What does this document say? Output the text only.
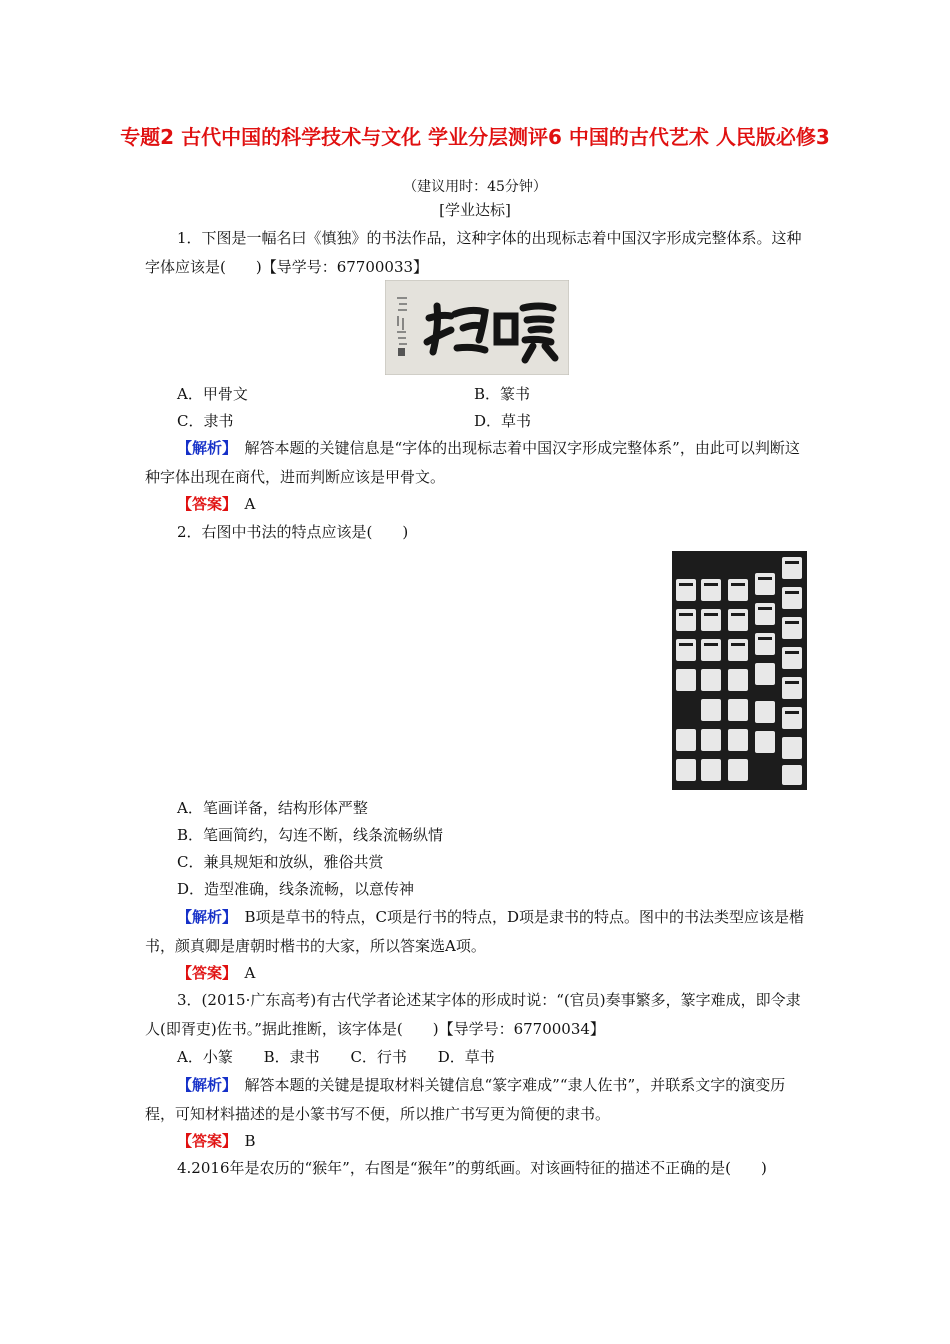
专题2 古代中国的科学技术与文化 学业分层测评6 中国的古代艺术 人民版必修3
（建议用时：45分钟）
[学业达标]

1．下图是一幅名曰《慎独》的书法作品，这种字体的出现标志着中国汉字形成完整体系。这种字体应该是(　　)【导学号：67700033】

A．甲骨文	B．篆书
C．隶书	D．草书

【解析】　解答本题的关键信息是“字体的出现标志着中国汉字形成完整体系”，由此可以判断这种字体出现在商代，进而判断应该是甲骨文。

【答案】　A

2．右图中书法的特点应该是(　　)

A．笔画详备，结构形体严整
B．笔画简约，勾连不断，线条流畅纵情
C．兼具规矩和放纵，雅俗共赏
D．造型准确，线条流畅，以意传神

【解析】　B项是草书的特点，C项是行书的特点，D项是隶书的特点。图中的书法类型应该是楷书，颜真卿是唐朝时楷书的大家，所以答案选A项。

【答案】　A

3．(2015·广东高考)有古代学者论述某字体的形成时说：“(官员)奏事繁多，篆字难成，即令隶人(即胥吏)佐书。”据此推断，该字体是(　　)【导学号：67700034】

A．小篆 B．隶书 C．行书 D．草书

【解析】　解答本题的关键是提取材料关键信息“篆字难成”“隶人佐书”，并联系文字的演变历程，可知材料描述的是小篆书写不便，所以推广书写更为简便的隶书。

【答案】　B

4.2016年是农历的“猴年”，右图是“猴年”的剪纸画。对该画特征的描述不正确的是(　　)
